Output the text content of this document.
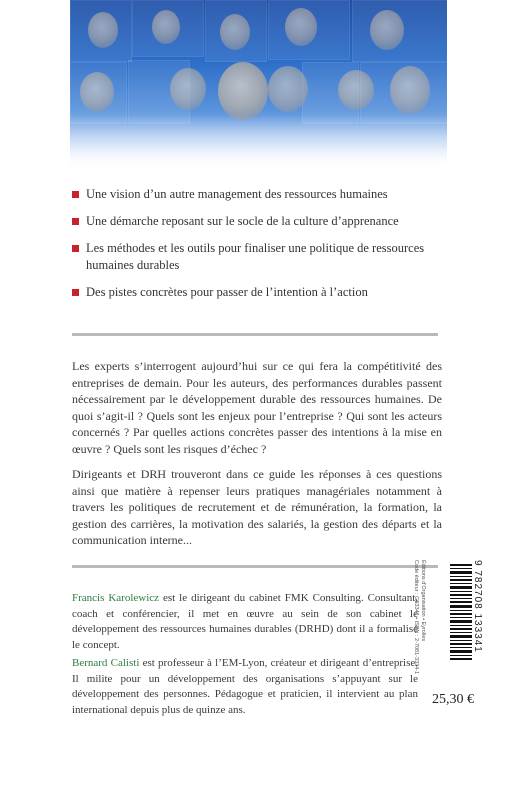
Une vision d’un autre management des ressources humaines
Une démarche reposant sur le socle de la culture d’apprenance
Les méthodes et les outils pour finaliser une politique de ressources humaines durables
Des pistes concrètes pour passer de l’intention à l’action

Les experts s’interrogent aujourd’hui sur ce qui fera la compétitivité des entreprises de demain. Pour les auteurs, des performances durables passent nécessairement par le développement durable des ressources humaines. De quoi s’agit-il ? Quels sont les enjeux pour l’entreprise ? Qui sont les acteurs concernés ? Par quelles actions concrètes passer des intentions à la mise en œuvre ? Quels sont les risques d’échec ?

Dirigeants et DRH trouveront dans ce guide les réponses à ces questions ainsi que matière à repenser leurs pratiques managériales notamment à travers les politiques de recrutement et de rémunération, la formation, la gestion des carrières, la motivation des salariés, la gestion des départs et la communication interne...

Francis Karolewicz est le dirigeant du cabinet FMK Consulting. Consultant, coach et conférencier, il met en œuvre au sein de son cabinet le développement des ressources humaines durables (DRHD) dont il a formalisé le concept.

Bernard Calisti est professeur à l’EM-Lyon, créateur et dirigeant d’entreprise. Il milite pour un développement des organisations s’appuyant sur le développement des personnes. Pédagogue et praticien, il intervient au plan international depuis plus de quinze ans.

Éditions d’Organisation • Eyrolles
Code éditeur : G53341 • ISBN : 2-7081-3334-1	9 782708 133341
25,30 €
